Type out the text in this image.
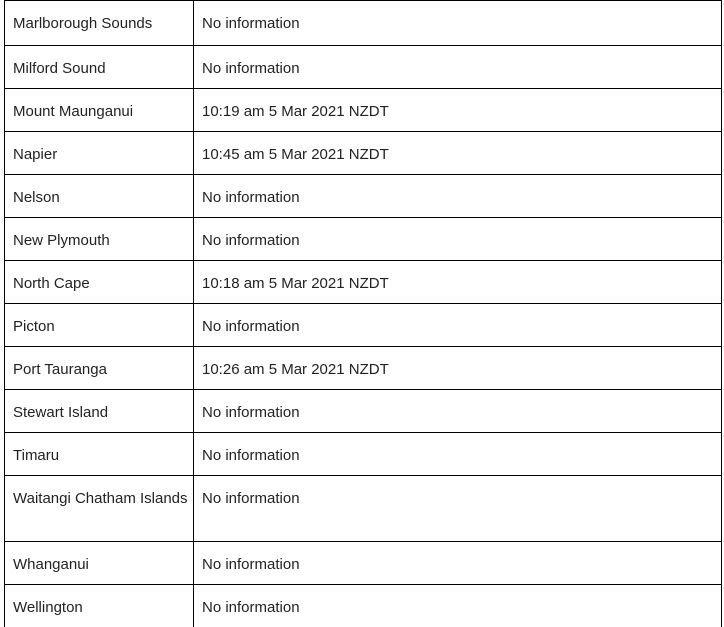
Marlborough Sounds	No information
Milford Sound	No information
Mount Maunganui	10:19 am 5 Mar 2021 NZDT
Napier	10:45 am 5 Mar 2021 NZDT
Nelson	No information
New Plymouth	No information
North Cape	10:18 am 5 Mar 2021 NZDT
Picton	No information
Port Tauranga	10:26 am 5 Mar 2021 NZDT
Stewart Island	No information
Timaru	No information
Waitangi Chatham Islands	No information
Whanganui	No information
Wellington	No information
